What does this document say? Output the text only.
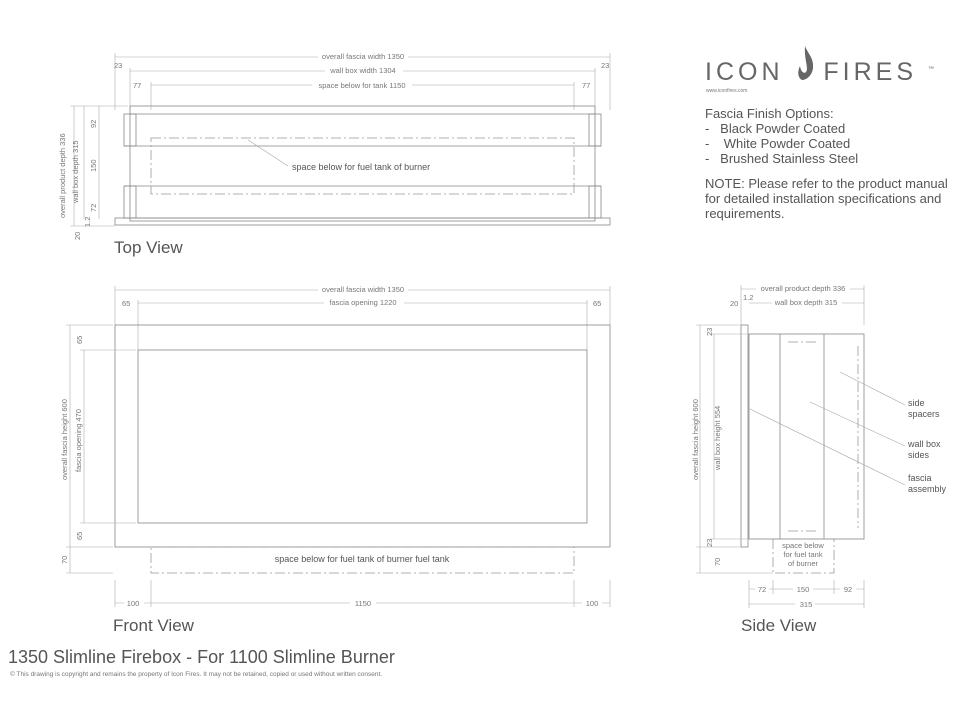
overall fascia width 1350
wall box width 1304
23	23
space below for tank 1150
77	77
space below for fuel tank of burner
overall product depth 336 wall box depth 315
92
150
72
20
1.2
overall fascia width 1350
fascia opening 1220
65	65
space below for fuel tank of burner fuel tank
overall fascia height 600 fascia opening 470
65
65
70
100	1150	100
overall product depth 336
wall box depth 315
20
1.2
space below
for fuel tank
of burner
side
spacers
wall box
sides
fascia
assembly
overall fascia height 600 wall box height 554
23
23
70
72	150	92
315
Top View
Front View	Side View
ICON FIRES ™
www.iconfires.com
Fascia Finish Options:
-   Black Powder Coated
-    White Powder Coated
-   Brushed Stainless Steel
NOTE: Please refer to the product manual for detailed installation specifications and requirements.
1350 Slimline Firebox - For 1100 Slimline Burner
© This drawing is copyright and remains the property of Icon Fires. It may not be retained, copied or used without written consent.
